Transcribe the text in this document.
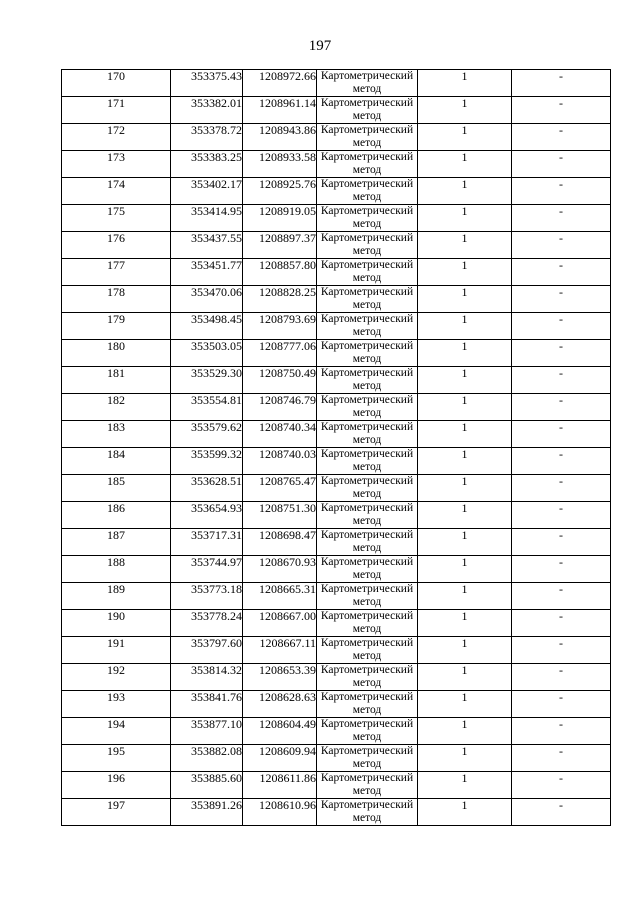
197
170	353375.43	1208972.66	Картометрический метод	1	-
171	353382.01	1208961.14	Картометрический метод	1	-
172	353378.72	1208943.86	Картометрический метод	1	-
173	353383.25	1208933.58	Картометрический метод	1	-
174	353402.17	1208925.76	Картометрический метод	1	-
175	353414.95	1208919.05	Картометрический метод	1	-
176	353437.55	1208897.37	Картометрический метод	1	-
177	353451.77	1208857.80	Картометрический метод	1	-
178	353470.06	1208828.25	Картометрический метод	1	-
179	353498.45	1208793.69	Картометрический метод	1	-
180	353503.05	1208777.06	Картометрический метод	1	-
181	353529.30	1208750.49	Картометрический метод	1	-
182	353554.81	1208746.79	Картометрический метод	1	-
183	353579.62	1208740.34	Картометрический метод	1	-
184	353599.32	1208740.03	Картометрический метод	1	-
185	353628.51	1208765.47	Картометрический метод	1	-
186	353654.93	1208751.30	Картометрический метод	1	-
187	353717.31	1208698.47	Картометрический метод	1	-
188	353744.97	1208670.93	Картометрический метод	1	-
189	353773.18	1208665.31	Картометрический метод	1	-
190	353778.24	1208667.00	Картометрический метод	1	-
191	353797.60	1208667.11	Картометрический метод	1	-
192	353814.32	1208653.39	Картометрический метод	1	-
193	353841.76	1208628.63	Картометрический метод	1	-
194	353877.10	1208604.49	Картометрический метод	1	-
195	353882.08	1208609.94	Картометрический метод	1	-
196	353885.60	1208611.86	Картометрический метод	1	-
197	353891.26	1208610.96	Картометрический метод	1	-
